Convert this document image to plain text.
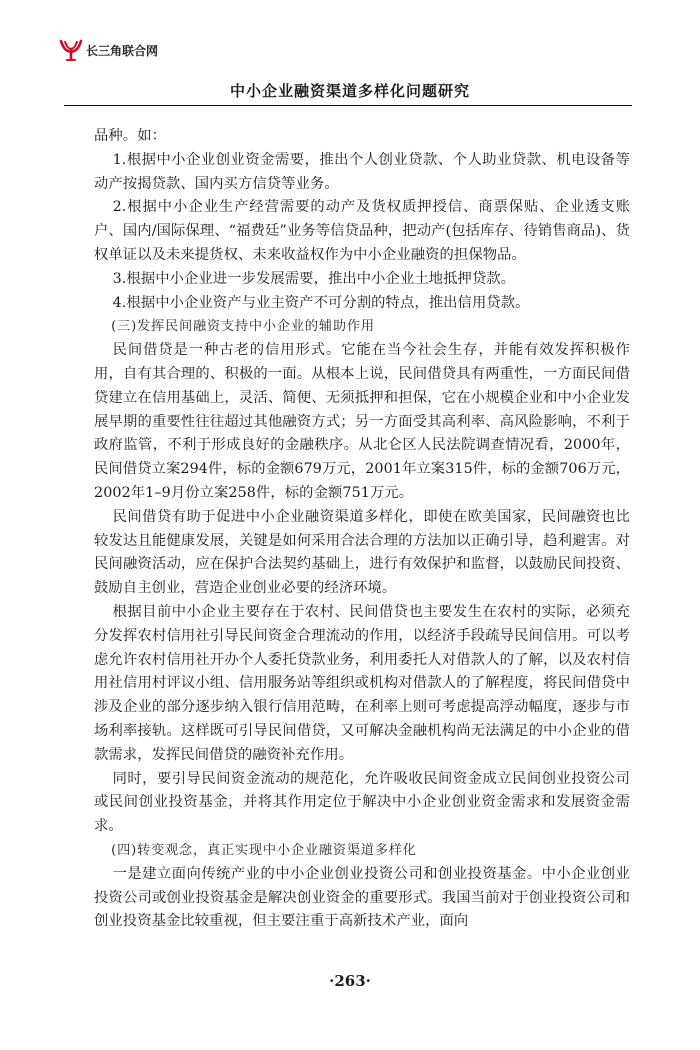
长三角联合网
中小企业融资渠道多样化问题研究

品种。如：

1.根据中小企业创业资金需要，推出个人创业贷款、个人助业贷款、机电设备等动产按揭贷款、国内买方信贷等业务。

2.根据中小企业生产经营需要的动产及货权质押授信、商票保贴、企业透支账户、国内/国际保理、“福费廷”业务等信贷品种，把动产(包括库存、待销售商品)、货权单证以及未来提货权、未来收益权作为中小企业融资的担保物品。

3.根据中小企业进一步发展需要，推出中小企业土地抵押贷款。

4.根据中小企业资产与业主资产不可分割的特点，推出信用贷款。

(三)发挥民间融资支持中小企业的辅助作用

民间借贷是一种古老的信用形式。它能在当今社会生存，并能有效发挥积极作用，自有其合理的、积极的一面。从根本上说，民间借贷具有两重性，一方面民间借贷建立在信用基础上，灵活、简便、无须抵押和担保，它在小规模企业和中小企业发展早期的重要性往往超过其他融资方式；另一方面受其高利率、高风险影响，不利于政府监管，不利于形成良好的金融秩序。从北仑区人民法院调查情况看，2000年，民间借贷立案294件，标的金额679万元，2001年立案315件，标的金额706万元，2002年1–9月份立案258件，标的金额751万元。

民间借贷有助于促进中小企业融资渠道多样化，即使在欧美国家，民间融资也比较发达且能健康发展，关键是如何采用合法合理的方法加以正确引导，趋利避害。对民间融资活动，应在保护合法契约基础上，进行有效保护和监督，以鼓励民间投资、鼓励自主创业，营造企业创业必要的经济环境。

根据目前中小企业主要存在于农村、民间借贷也主要发生在农村的实际，必须充分发挥农村信用社引导民间资金合理流动的作用，以经济手段疏导民间信用。可以考虑允许农村信用社开办个人委托贷款业务，利用委托人对借款人的了解，以及农村信用社信用村评议小组、信用服务站等组织或机构对借款人的了解程度，将民间借贷中涉及企业的部分逐步纳入银行信用范畴，在利率上则可考虑提高浮动幅度，逐步与市场利率接轨。这样既可引导民间借贷，又可解决金融机构尚无法满足的中小企业的借款需求，发挥民间借贷的融资补充作用。

同时，要引导民间资金流动的规范化，允许吸收民间资金成立民间创业投资公司或民间创业投资基金，并将其作用定位于解决中小企业创业资金需求和发展资金需求。

(四)转变观念，真正实现中小企业融资渠道多样化

一是建立面向传统产业的中小企业创业投资公司和创业投资基金。中小企业创业投资公司或创业投资基金是解决创业资金的重要形式。我国当前对于创业投资公司和创业投资基金比较重视，但主要注重于高新技术产业，面向

·263·
